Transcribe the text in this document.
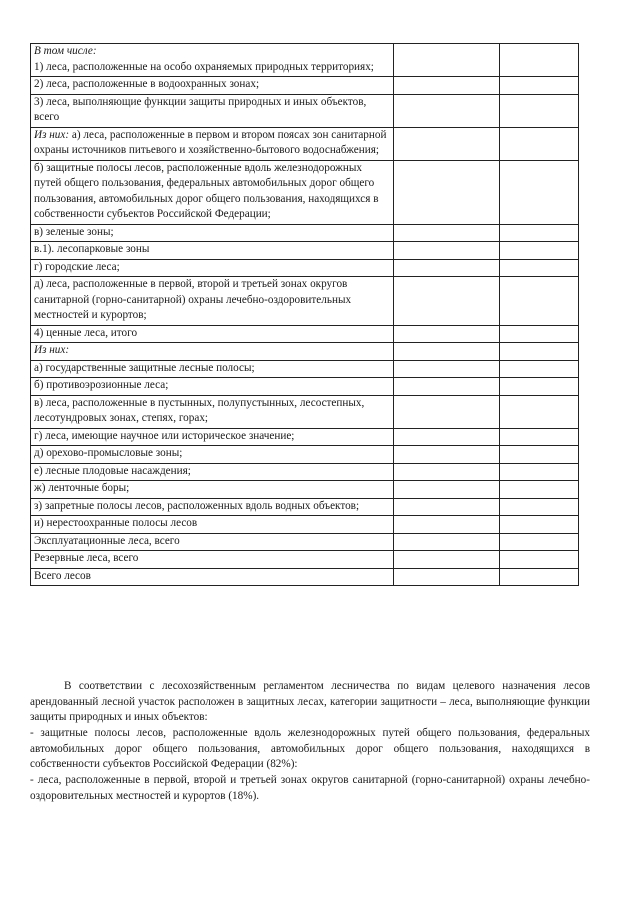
В том числе:
1) леса, расположенные на особо охраняемых природных территориях;		
2) леса, расположенные в водоохранных зонах;		
3) леса, выполняющие функции защиты природных и иных объектов, всего		
Из них: а) леса, расположенные в первом и втором поясах зон санитарной охраны источников питьевого и хозяйственно-бытового водоснабжения;		
б) защитные полосы лесов, расположенные вдоль железнодорожных путей общего пользования, федеральных автомобильных дорог общего пользования, автомобильных дорог общего пользования, находящихся в собственности субъектов Российской Федерации;		
в) зеленые зоны;		
в.1). лесопарковые зоны		
г) городские леса;		
д) леса, расположенные в первой, второй и третьей зонах округов санитарной (горно-санитарной) охраны лечебно-оздоровительных местностей и курортов;		
4) ценные леса, итого		
Из них:		
а) государственные защитные лесные полосы;		
б) противоэрозионные леса;		
в) леса, расположенные в пустынных, полупустынных, лесостепных, лесотундровых зонах, степях, горах;		
г) леса, имеющие научное или историческое значение;		
д) орехово-промысловые зоны;		
е) лесные плодовые насаждения;		
ж) ленточные боры;		
з) запретные полосы лесов, расположенных вдоль водных объектов;		
и) нерестоохранные полосы лесов		
Эксплуатационные леса, всего		
Резервные леса, всего		
Всего лесов		

В соответствии с лесохозяйственным регламентом лесничества по видам целевого назначения лесов арендованный лесной участок расположен в защитных лесах, категории защитности – леса, выполняющие функции защиты природных и иных объектов:

- защитные полосы лесов, расположенные вдоль железнодорожных путей общего пользования, федеральных автомобильных дорог общего пользования, автомобильных дорог общего пользования, находящихся в собственности субъектов Российской Федерации (82%):

- леса, расположенные в первой, второй и третьей зонах округов санитарной (горно-санитарной) охраны лечебно-оздоровительных местностей и курортов (18%).
